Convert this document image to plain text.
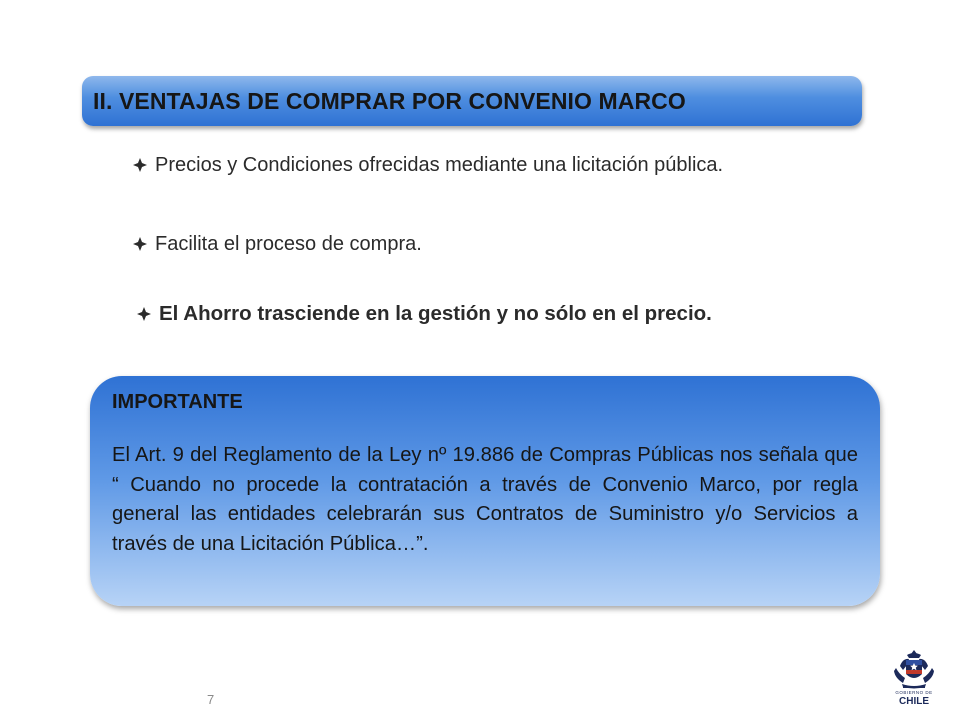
II. VENTAJAS DE COMPRAR POR CONVENIO MARCO
Precios y Condiciones ofrecidas mediante una licitación pública.
Facilita el proceso de compra.
El Ahorro trasciende en la gestión y no sólo en el precio.
IMPORTANTE
El Art. 9 del Reglamento de la Ley nº 19.886 de Compras Públicas nos señala que “ Cuando no procede la contratación a través de Convenio Marco, por regla general las entidades celebrarán sus Contratos de Suministro y/o Servicios a través de una Licitación Pública…”.
7	GOBIERNO DE
CHILE
